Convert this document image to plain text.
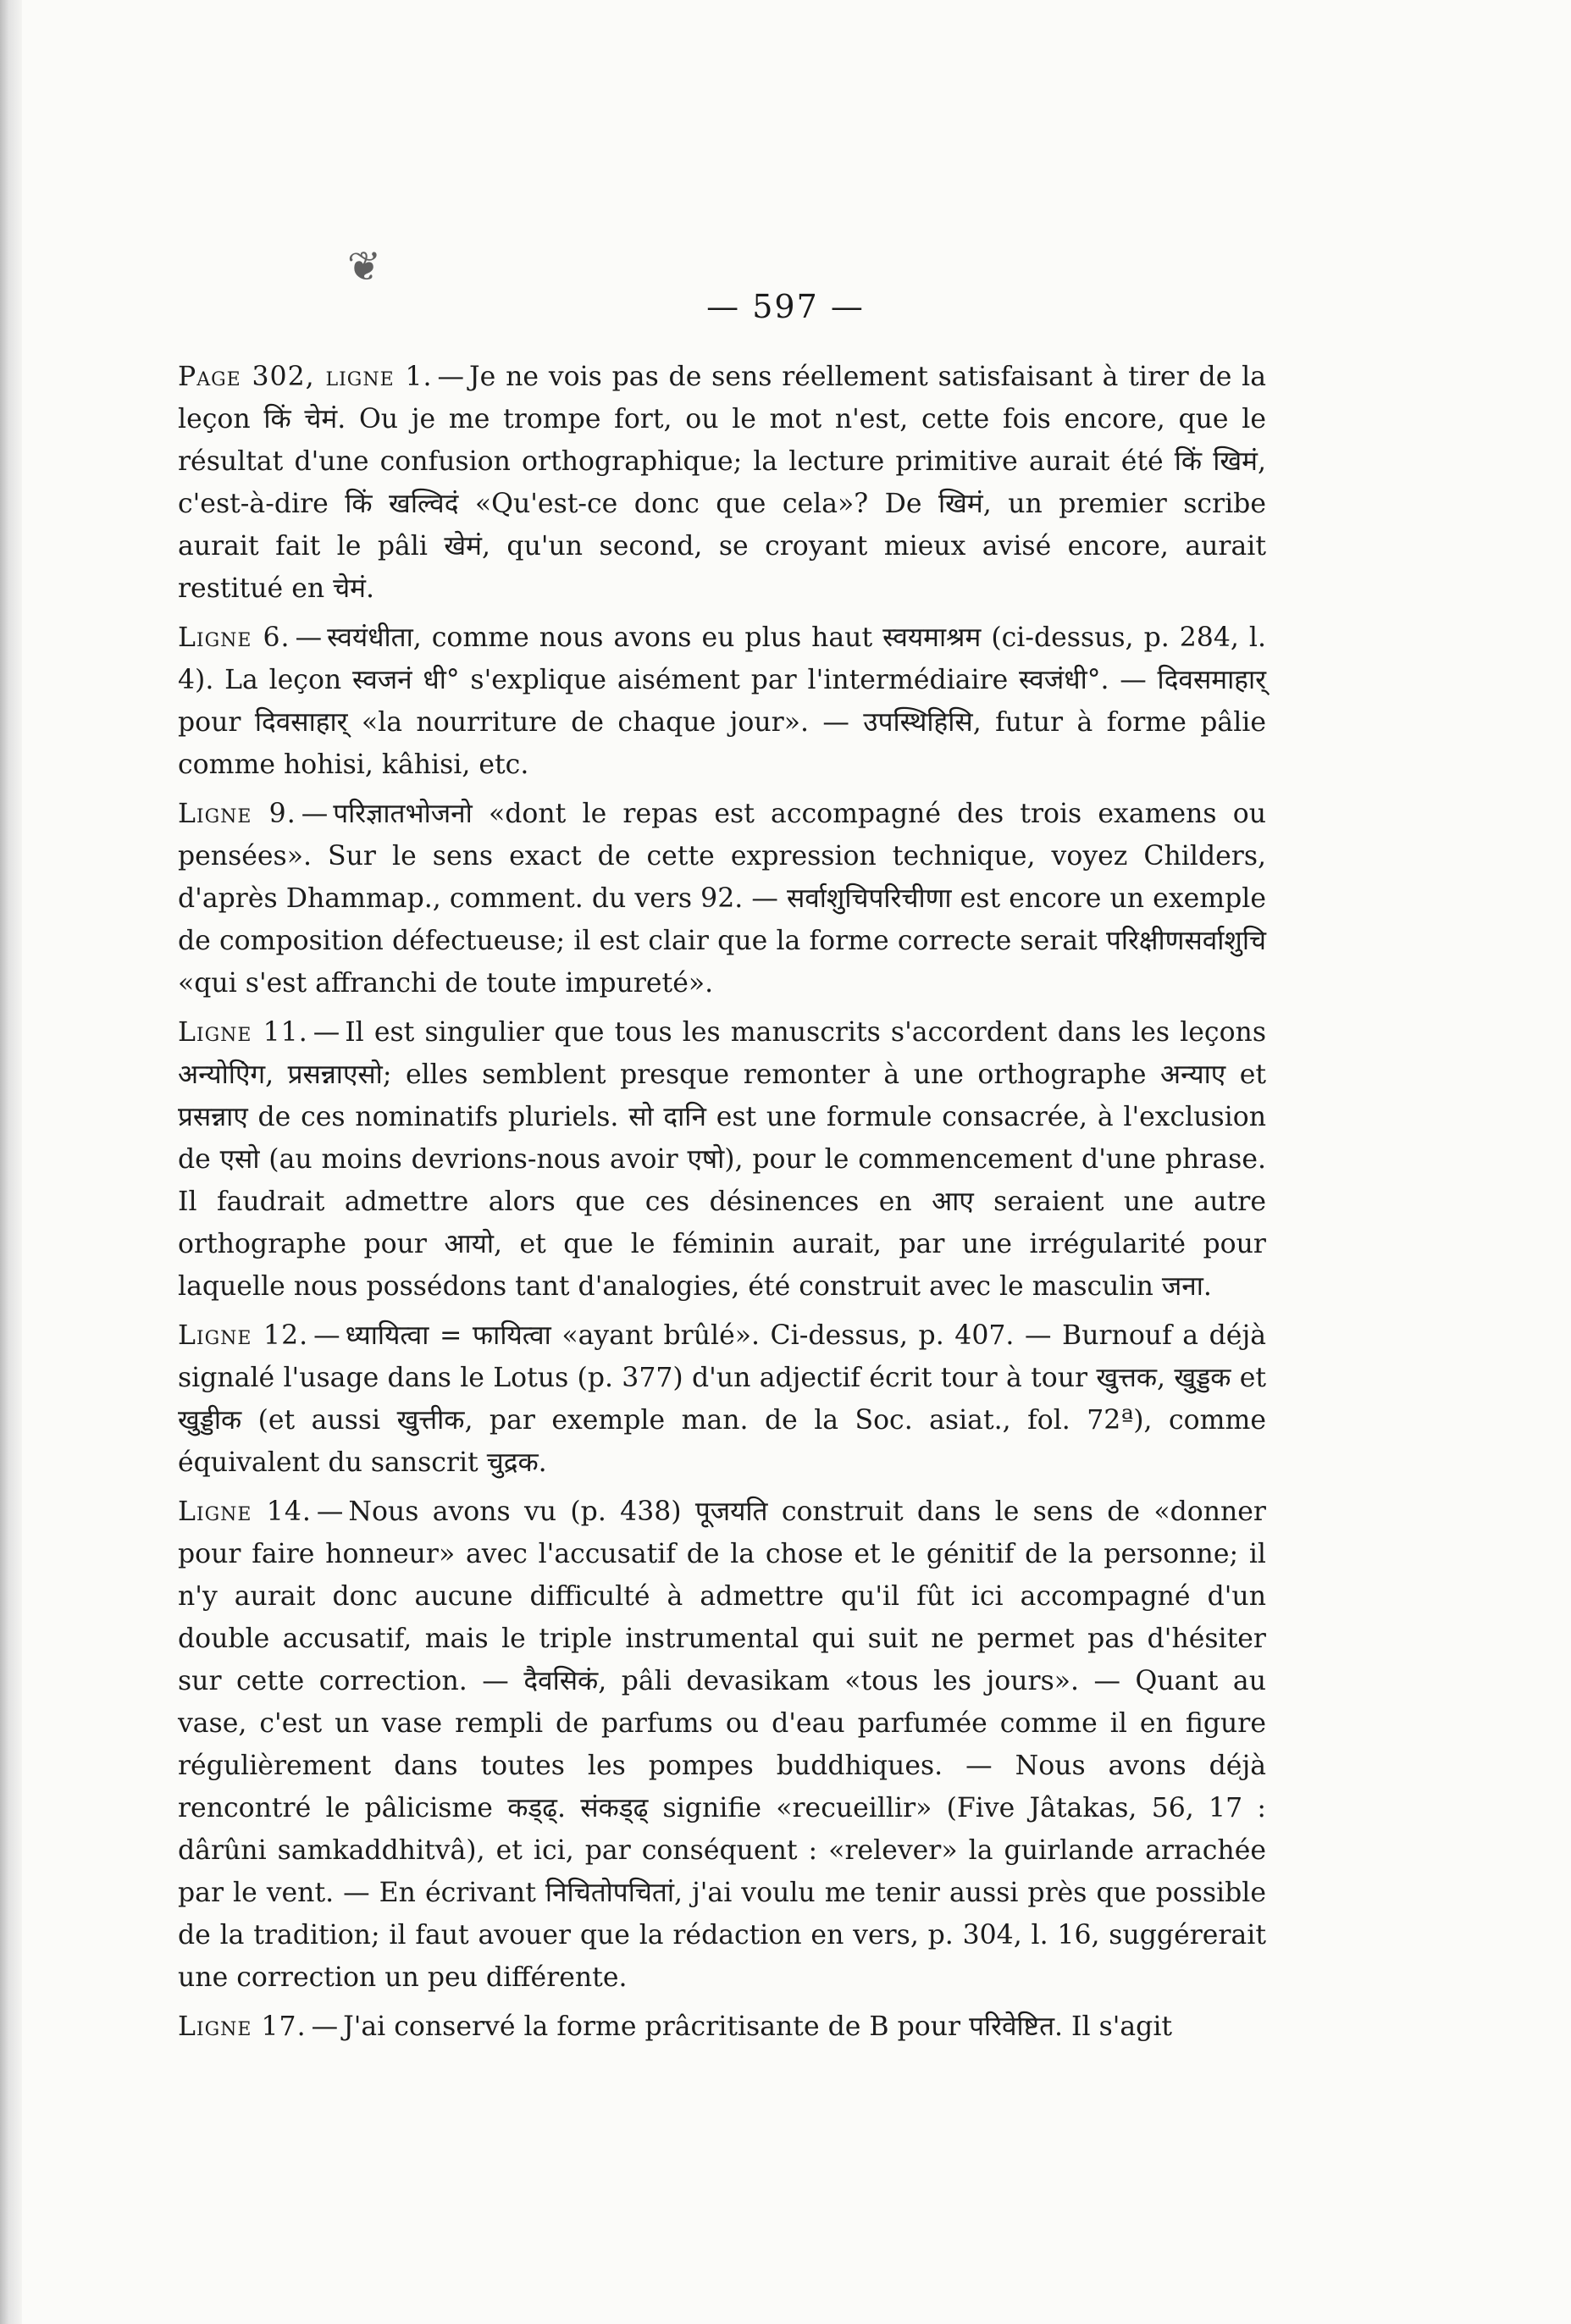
❦
— 597 —

Page 302, ligne 1. — Je ne vois pas de sens réellement satisfaisant à tirer de la leçon किं चेमं. Ou je me trompe fort, ou le mot n'est, cette fois encore, que le résultat d'une confusion orthographique; la lecture primitive aurait été किं खिमं, c'est-à-dire किं खल्विदं «Qu'est-ce donc que cela»? De खिमं, un premier scribe aurait fait le pâli खेमं, qu'un second, se croyant mieux avisé encore, aurait restitué en चेमं.

Ligne 6. — स्वयंधीता, comme nous avons eu plus haut स्वयमाश्रम (ci-dessus, p. 284, l. 4). La leçon स्वजनं धी° s'explique aisément par l'intermédiaire स्वजंधी°. — दिवसमाहार् pour दिवसाहार् «la nourriture de chaque jour». — उपस्थिहिसि, futur à forme pâlie comme hohisi, kâhisi, etc.

Ligne 9. — परिज्ञातभोजनो «dont le repas est accompagné des trois examens ou pensées». Sur le sens exact de cette expression technique, voyez Childers, d'après Dhammap., comment. du vers 92. — सर्वाशुचिपरिचीणा est encore un exemple de composition défectueuse; il est clair que la forme correcte serait परिक्षीणसर्वाशुचि «qui s'est affranchi de toute impureté».

Ligne 11. — Il est singulier que tous les manuscrits s'accordent dans les leçons अन्योएिंग, प्रसन्नाएसो; elles semblent presque remonter à une orthographe अन्याए et प्रसन्नाए de ces nominatifs pluriels. सो दानि est une formule consacrée, à l'exclusion de एसो (au moins devrions-nous avoir एषो), pour le commencement d'une phrase. Il faudrait admettre alors que ces désinences en आए seraient une autre orthographe pour आयो, et que le féminin aurait, par une irrégularité pour laquelle nous possédons tant d'analogies, été construit avec le masculin जना.

Ligne 12. — ध्यायित्वा = फायित्वा «ayant brûlé». Ci-dessus, p. 407. — Burnouf a déjà signalé l'usage dans le Lotus (p. 377) d'un adjectif écrit tour à tour खुत्तक, खुड्डक et खुड्डीक (et aussi खुत्तीक, par exemple man. de la Soc. asiat., fol. 72ª), comme équivalent du sanscrit चुद्रक.

Ligne 14. — Nous avons vu (p. 438) पूजयति construit dans le sens de «donner pour faire honneur» avec l'accusatif de la chose et le génitif de la personne; il n'y aurait donc aucune difficulté à admettre qu'il fût ici accompagné d'un double accusatif, mais le triple instrumental qui suit ne permet pas d'hésiter sur cette correction. — दैवसिकं, pâli devasikam «tous les jours». — Quant au vase, c'est un vase rempli de parfums ou d'eau parfumée comme il en figure régulièrement dans toutes les pompes buddhiques. — Nous avons déjà rencontré le pâlicisme कड्ढ्. संकड्ढ् signifie «recueillir» (Five Jâtakas, 56, 17 : dârûni samkaddhitvâ), et ici, par conséquent : «relever» la guirlande arrachée par le vent. — En écrivant निचितोपचितां, j'ai voulu me tenir aussi près que possible de la tradition; il faut avouer que la rédaction en vers, p. 304, l. 16, suggérerait une correction un peu différente.

Ligne 17. — J'ai conservé la forme prâcritisante de B pour परिवेष्टित. Il s'agit
